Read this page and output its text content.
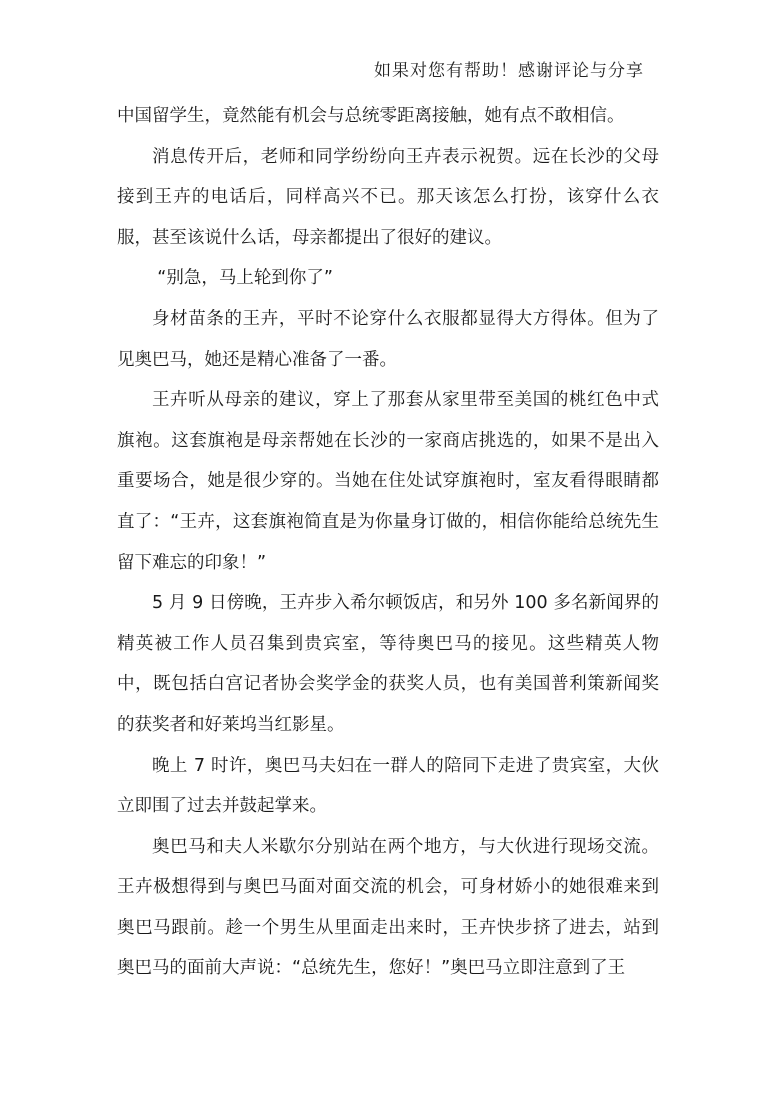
如果对您有帮助！感谢评论与分享

中国留学生，竟然能有机会与总统零距离接触，她有点不敢相信。

消息传开后，老师和同学纷纷向王卉表示祝贺。远在长沙的父母接到王卉的电话后，同样高兴不已。那天该怎么打扮，该穿什么衣服，甚至该说什么话，母亲都提出了很好的建议。

“别急，马上轮到你了”

身材苗条的王卉，平时不论穿什么衣服都显得大方得体。但为了见奥巴马，她还是精心准备了一番。

王卉听从母亲的建议，穿上了那套从家里带至美国的桃红色中式旗袍。这套旗袍是母亲帮她在长沙的一家商店挑选的，如果不是出入重要场合，她是很少穿的。当她在住处试穿旗袍时，室友看得眼睛都直了：“王卉，这套旗袍简直是为你量身订做的，相信你能给总统先生留下难忘的印象！”

5 月 9 日傍晚，王卉步入希尔顿饭店，和另外 100 多名新闻界的精英被工作人员召集到贵宾室，等待奥巴马的接见。这些精英人物中，既包括白宫记者协会奖学金的获奖人员，也有美国普利策新闻奖的获奖者和好莱坞当红影星。

晚上 7 时许，奥巴马夫妇在一群人的陪同下走进了贵宾室，大伙立即围了过去并鼓起掌来。

奥巴马和夫人米歇尔分别站在两个地方，与大伙进行现场交流。王卉极想得到与奥巴马面对面交流的机会，可身材娇小的她很难来到奥巴马跟前。趁一个男生从里面走出来时，王卉快步挤了进去，站到奥巴马的面前大声说：“总统先生，您好！”奥巴马立即注意到了王
